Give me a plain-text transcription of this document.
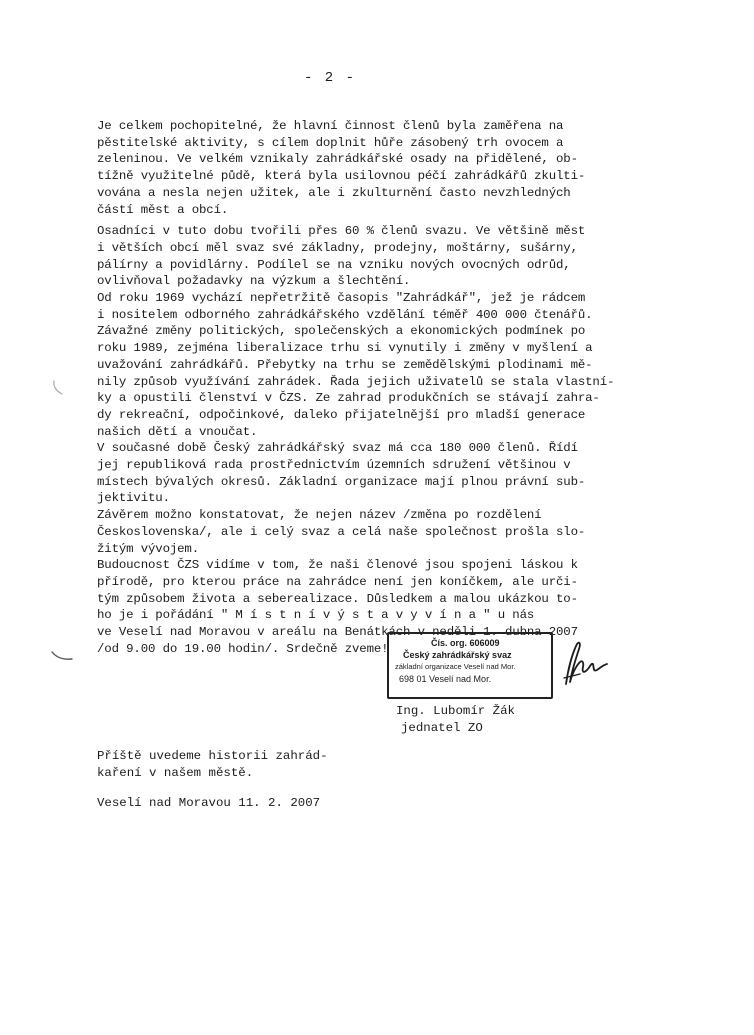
- 2 -
Je celkem pochopitelné, že hlavní činnost členů byla zaměřena na
pěstitelské aktivity, s cílem doplnit hůře zásobený trh ovocem a
zeleninou. Ve velkém vznikaly zahrádkářské osady na přidělené, ob-
tížně využitelné půdě, která byla usilovnou péčí zahrádkářů zkulti-
vována a nesla nejen užitek, ale i zkulturnění často nevzhledných
částí měst a obcí.
Osadníci v tuto dobu tvořili přes 60 % členů svazu. Ve většině měst
i větších obcí měl svaz své základny, prodejny, moštárny, sušárny,
pálírny a povidlárny. Podílel se na vzniku nových ovocných odrůd,
ovlivňoval požadavky na výzkum a šlechtění.
Od roku 1969 vychází nepřetržitě časopis "Zahrádkář", jež je rádcem
i nositelem odborného zahrádkářského vzdělání téměř 400 000 čtenářů.
Závažné změny politických, společenských a ekonomických podmínek po
roku 1989, zejména liberalizace trhu si vynutily i změny v myšlení a
uvažování zahrádkářů. Přebytky na trhu se zemědělskými plodinami mě-
nily způsob využívání zahrádek. Řada jejich uživatelů se stala vlastní-
ky a opustili členství v ČZS. Ze zahrad produkčních se stávají zahra-
dy rekreační, odpočinkové, daleko přijatelnější pro mladší generace
našich dětí a vnoučat.
V současné době Český zahrádkářský svaz má cca 180 000 členů. Řídí
jej republiková rada prostřednictvím územních sdružení většinou v
místech bývalých okresů. Základní organizace mají plnou právní sub-
jektivitu.
Závěrem možno konstatovat, že nejen název /změna po rozdělení
Československa/, ale i celý svaz a celá naše společnost prošla slo-
žitým vývojem.
Budoucnost ČZS vidíme v tom, že naši členové jsou spojeni láskou k
přírodě, pro kterou práce na zahrádce není jen koníčkem, ale urči-
tým způsobem života a seberealizace. Důsledkem a malou ukázkou to-
ho je i pořádání " M í s t n í v ý s t a v y v í n a " u nás
ve Veselí nad Moravou v areálu na Benátkách v neděli 1. dubna 2007
/od 9.00 do 19.00 hodin/. Srdečně zveme!	Čís. org. 606009
Český zahrádkářský svaz
základní organizace Veselí nad Mor.
698 01 Veselí nad Mor.
Ing. Lubomír Žák
jednatel ZO
Příště uvedeme historii zahrád-
kaření v našem městě.
Veselí nad Moravou 11. 2. 2007
